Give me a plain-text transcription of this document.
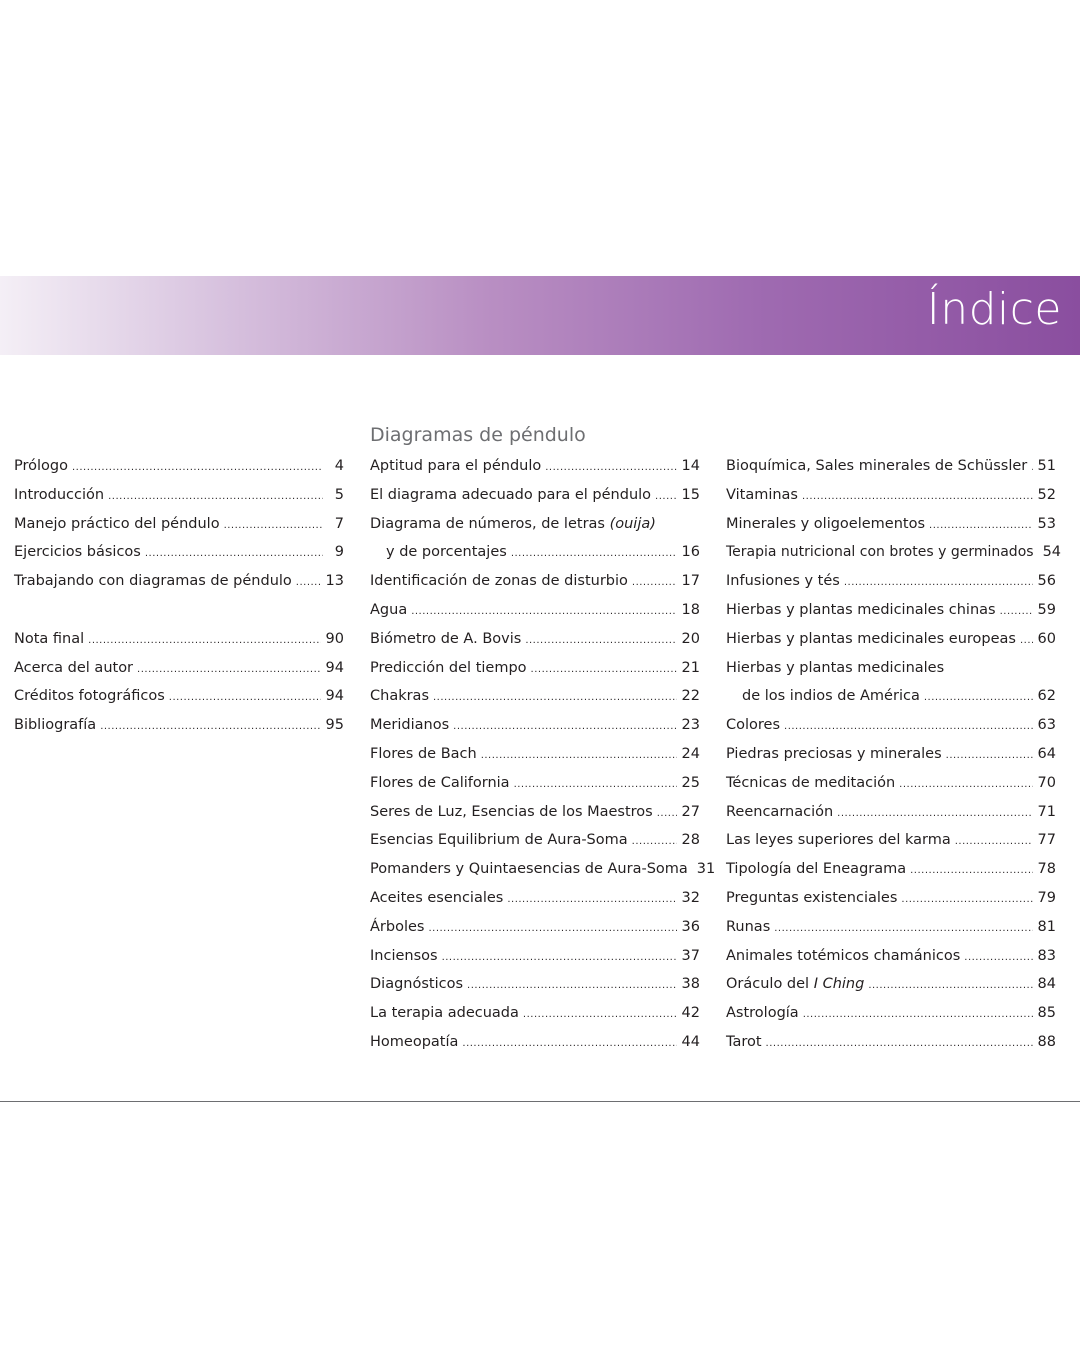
Índice
Prólogo .....	4
Introducción .....	5
Manejo práctico del péndulo .....	7
Ejercicios básicos .....	9
Trabajando con diagramas de péndulo ..... 13
Nota final .....	90
Acerca del autor .....	94
Créditos fotográficos .....	94
Bibliografía .....	95
Diagramas de péndulo
Aptitud para el péndulo .....	14
El diagrama adecuado para el péndulo ..... 15
Diagrama de números, de letras (ouija)
y de porcentajes .....	16
Identificación de zonas de disturbio .....	17
Agua .....	18
Biómetro de A. Bovis .....	20
Predicción del tiempo .....	21
Chakras .....	22
Meridianos .....	23
Flores de Bach .....	24
Flores de California .....	25
Seres de Luz, Esencias de los Maestros ..... 27
Esencias Equilibrium de Aura-Soma .....	28
Pomanders y Quintaesencias de Aura-Soma 31
Aceites esenciales .....	32
Árboles .....	36
Inciensos .....	37
Diagnósticos .....	38
La terapia adecuada .....	42
Homeopatía .....	44
Bioquímica, Sales minerales de Schüssler ..... 51
Vitaminas .....	52
Minerales y oligoelementos .....	53
Terapia nutricional con brotes y germinados 54
Infusiones y tés .....	56
Hierbas y plantas medicinales chinas .....	59
Hierbas y plantas medicinales europeas ..... 60
Hierbas y plantas medicinales
de los indios de América .....	62
Colores .....	63
Piedras preciosas y minerales .....	64
Técnicas de meditación .....	70
Reencarnación .....	71
Las leyes superiores del karma .....	77
Tipología del Eneagrama .....	78
Preguntas existenciales .....	79
Runas .....	81
Animales totémicos chamánicos .....	83
Oráculo del I Ching .....	84
Astrología .....	85
Tarot .....	88
